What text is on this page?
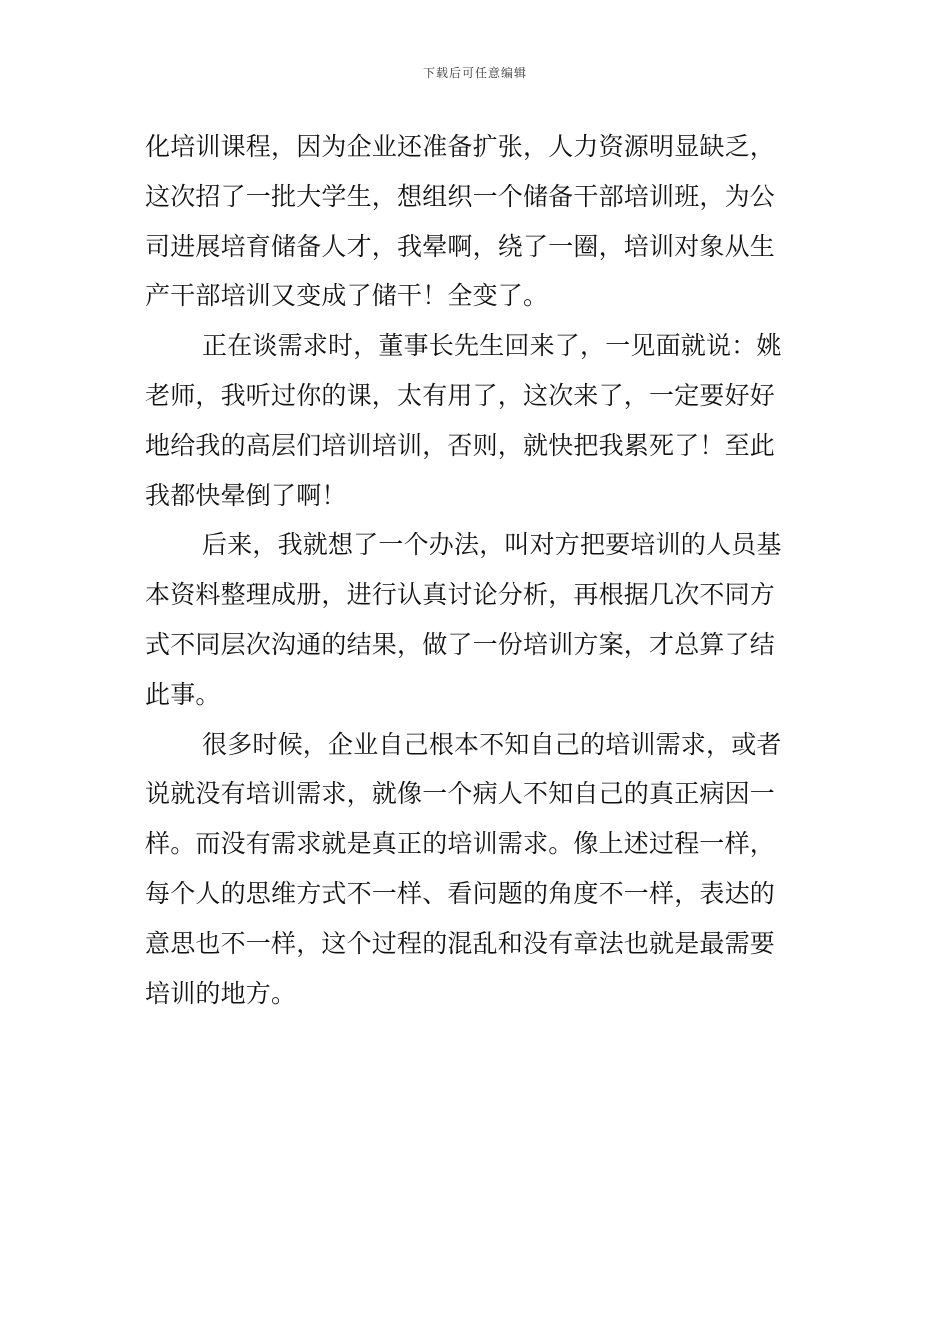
下载后可任意编辑
化培训课程，因为企业还准备扩张，人力资源明显缺乏，
这次招了一批大学生，想组织一个储备干部培训班，为公
司进展培育储备人才，我晕啊，绕了一圈，培训对象从生
产干部培训又变成了储干！全变了。
正在谈需求时，董事长先生回来了，一见面就说：姚
老师，我听过你的课，太有用了，这次来了，一定要好好
地给我的高层们培训培训，否则，就快把我累死了！至此
我都快晕倒了啊！
后来，我就想了一个办法，叫对方把要培训的人员基
本资料整理成册，进行认真讨论分析，再根据几次不同方
式不同层次沟通的结果，做了一份培训方案，才总算了结
此事。
很多时候，企业自己根本不知自己的培训需求，或者
说就没有培训需求，就像一个病人不知自己的真正病因一
样。而没有需求就是真正的培训需求。像上述过程一样，
每个人的思维方式不一样、看问题的角度不一样，表达的
意思也不一样，这个过程的混乱和没有章法也就是最需要
培训的地方。
